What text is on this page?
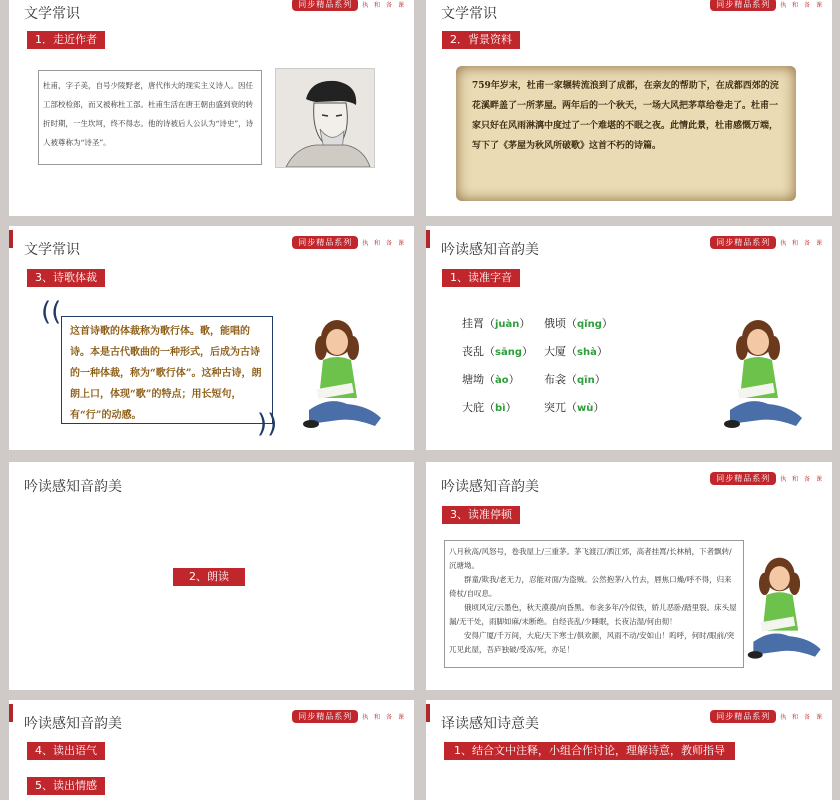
文学常识
同步精品系列	执 和 备 课
1．走近作者
杜甫，字子美，自号少陵野老，唐代伟大的现实主义诗人。因任工部校检郎，而又被称杜工部。杜甫生活在唐王朝由盛到衰的转折时期，一生坎坷，终不得志。他的诗被后人公认为“诗史”，诗人被尊称为“诗圣”。
文学常识
同步精品系列	执 和 备 课
2．背景资料
759年岁末，杜甫一家辗转流浪到了成都，在亲友的帮助下，在成都西郊的浣花溪畔盖了一所茅屋。两年后的一个秋天，一场大风把茅草给卷走了。杜甫一家只好在风雨淋漓中度过了一个难堪的不眠之夜。此情此景，杜甫感慨万端，写下了《茅屋为秋风所破歌》这首不朽的诗篇。
文学常识	同步精品系列	执 和 备 课
3、诗歌体裁
((
这首诗歌的体裁称为歌行体。歌，能唱的诗。本是古代歌曲的一种形式，后成为古诗的一种体裁，称为“歌行体”。这种古诗，朗朗上口，体现“歌”的特点；用长短句，有“行”的动感。	))
吟读感知音韵美	同步精品系列	执 和 备 课
1、读准字音
挂罥（juàn） 俄顷（qǐng）
丧乱（sāng） 大厦（shà）
塘坳（ào） 布衾（qīn）
大庇（bì） 突兀（wù）
吟读感知音韵美
2、朗读
吟读感知音韵美
同步精品系列	执 和 备 课
3、读准停顿
八月秋高/风怒号，卷我屋上/三重茅。茅飞渡江/洒江郊，高者挂罥/长林梢，下者飘转/沉塘坳。
群童/欺我/老无力，忍能对面/为盗贼。公然抱茅/入竹去，唇焦口燥/呼不得，归来倚杖/自叹息。
俄顷风定/云墨色，秋天漠漠/向昏黑。布衾多年/冷似铁，娇儿恶卧/踏里裂。床头屋漏/无干处，雨脚如麻/未断绝。自经丧乱/少睡眠，长夜沾湿/何由彻！
安得广厦/千万间，大庇/天下寒士/俱欢颜，风雨不动/安如山！呜呼，何时/眼前/突兀见此屋，吾庐独破/受冻/死，亦足！
吟读感知音韵美	同步精品系列	执 和 备 课
4、读出语气
5、读出情感
译读感知诗意美	同步精品系列	执 和 备 课
1、结合文中注释，小组合作讨论，理解诗意，教师指导
